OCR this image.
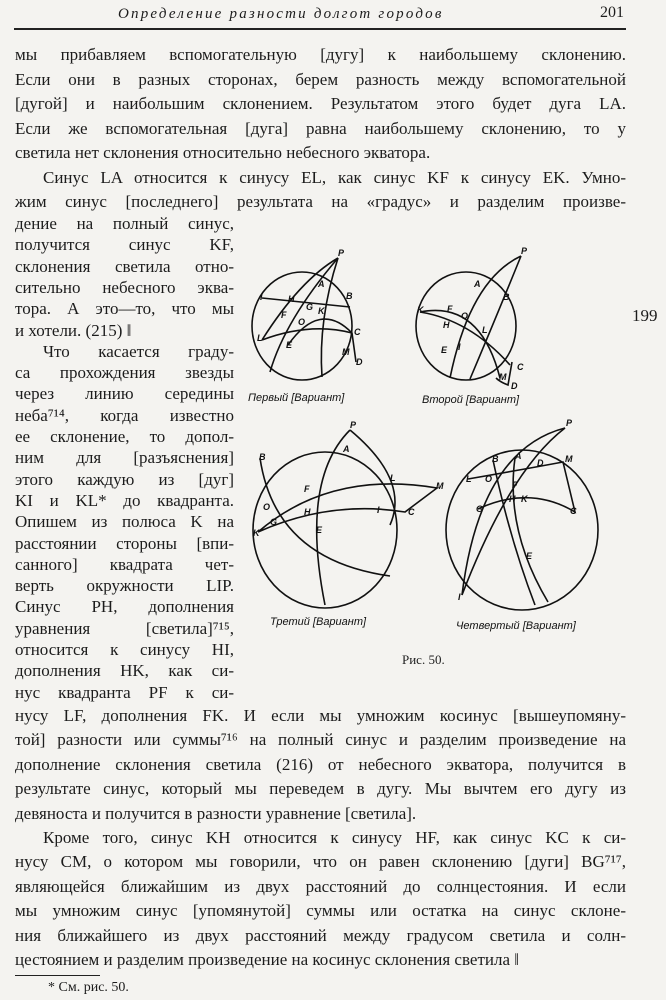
Определение разности долгот городов	201
мы прибавляем вспомогательную [дугу] к наибольшему склонению.
Если они в разных сторонах, берем разность между вспомогательной
[дугой] и наибольшим склонением. Результатом этого будет дуга LA.
Если же вспомогательная [дуга] равна наибольшему склонению, то у
светила нет склонения относительно небесного экватора.
Синус LA относится к синусу EL, как синус KF к синусу EK. Умно-
жим синус [последнего] результата на «градус» и разделим произве-
дение на полный синус,
получится синус KF,
склонения светила отно-
сительно небесного эква-
тора. А это—то, что мы
и хотели. (215) ‖
Что касается граду-
са прохождения звезды
через линию середины
неба⁷¹⁴, когда известно
ее склонение, то допол-
ним для [разъяснения]
этого каждую из [дуг]
KI и KL* до квадранта.
Опишем из полюса K на
расстоянии стороны [впи-
санного] квадрата чет-
верть окружности LIP.
Синус PH, дополнения
уравнения [светила]⁷¹⁵,
относится к синусу HI,
дополнения HK, как си-
нус квадранта PF к си-
нусу LF, дополнения FK. И если мы умножим косинус [вышеупомяну-
той] разности или суммы⁷¹⁶ на полный синус и разделим произведение на
дополнение склонения светила (216) от небесного экватора, получится в
результате синус, который мы переведем в дугу. Мы вычтем его дугу из
девяноста и получится в разности уравнение [светила].
Кроме того, синус KH относится к синусу HF, как синус KC к си-
нусу CM, о котором мы говорили, что он равен склонению [дуги] BG⁷¹⁷,
являющейся ближайшим из двух расстояний до солнцестояния. И если
мы умножим синус [упомянутой] суммы или остатка на синус склоне-
ния ближайшего из двух расстояний между градусом светила и солн-
цестоянием и разделим произведение на косинус склонения светила ‖
199
P
A
I	H
G K
B
F
L
O
C
E
M
D
P
A
B
K	F
O
H	L
I
E
C
M
D
P
A
B
L
F	M
O	H	I	C
K
G
E
P
B A
D M
L O
F
H K
C
G
E
I
Первый [Вариант]	Второй [Вариант]
Третий [Вариант]	Четвертый [Вариант]
Рис. 50.
* См. рис. 50.
